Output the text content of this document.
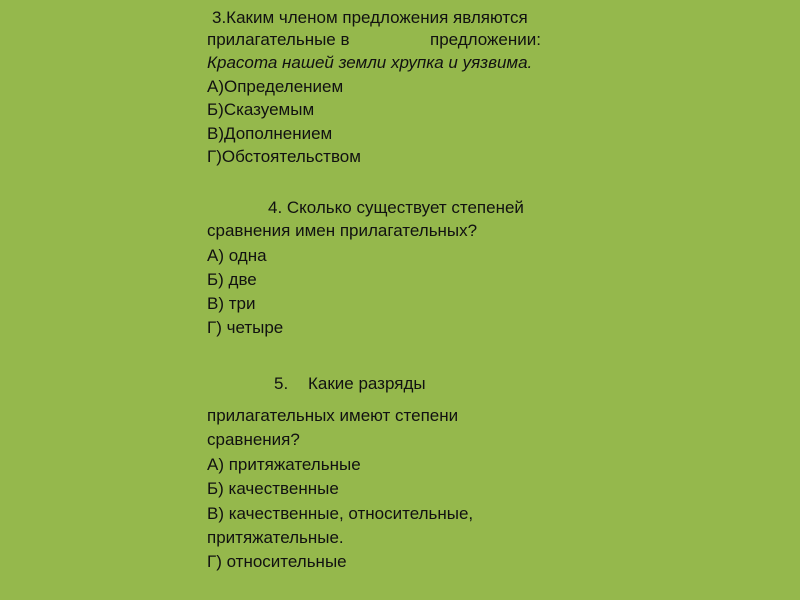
3.Каким членом предложения являются
прилагательные в	предложении:
Красота нашей земли хрупка и уязвима.
А)Определением
Б)Сказуемым
В)Дополнением
Г)Обстоятельством
4. Сколько существует степеней
сравнения имен прилагательных?
А) одна
Б) две
В) три
Г) четыре
5. Какие разряды
прилагательных имеют степени
сравнения?
А) притяжательные
Б) качественные
В) качественные, относительные,
притяжательные.
Г) относительные
